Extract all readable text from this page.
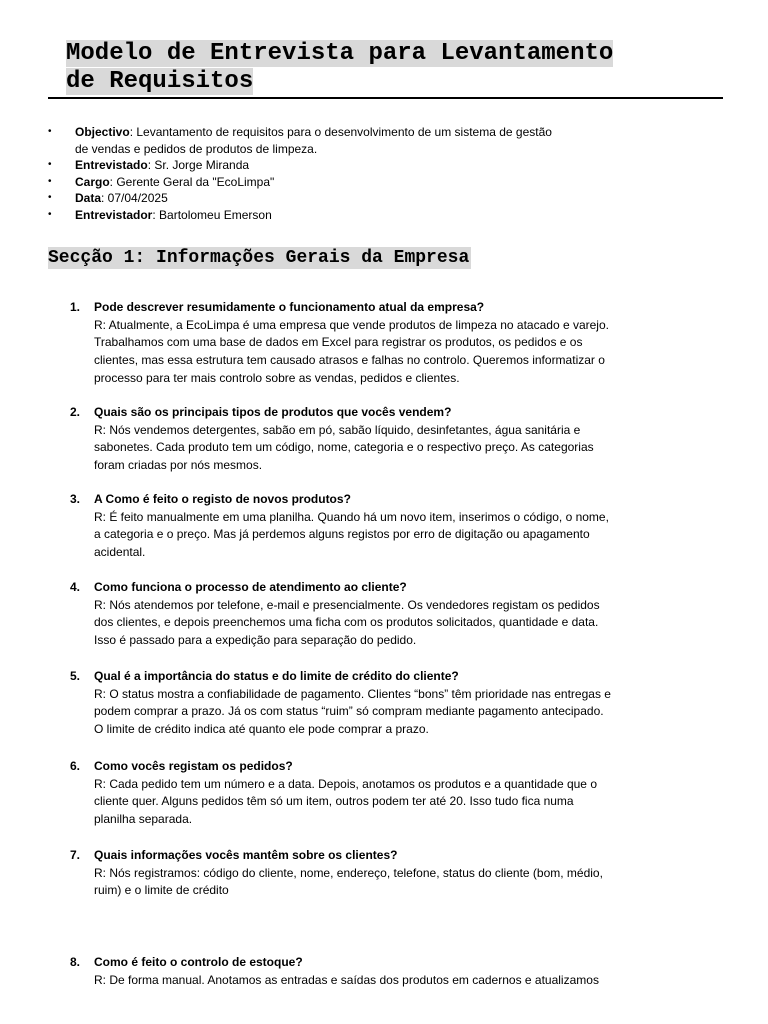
Modelo de Entrevista para Levantamento
de Requisitos
• Objectivo: Levantamento de requisitos para o desenvolvimento de um sistema de gestão
de vendas e pedidos de produtos de limpeza.
• Entrevistado: Sr. Jorge Miranda
• Cargo: Gerente Geral da "EcoLimpa"
• Data: 07/04/2025
• Entrevistador: Bartolomeu Emerson
Secção 1: Informações Gerais da Empresa
1. Pode descrever resumidamente o funcionamento atual da empresa?
R: Atualmente, a EcoLimpa é uma empresa que vende produtos de limpeza no atacado e varejo.
Trabalhamos com uma base de dados em Excel para registrar os produtos, os pedidos e os
clientes, mas essa estrutura tem causado atrasos e falhas no controlo. Queremos informatizar o
processo para ter mais controlo sobre as vendas, pedidos e clientes.
2. Quais são os principais tipos de produtos que vocês vendem?
R: Nós vendemos detergentes, sabão em pó, sabão líquido, desinfetantes, água sanitária e
sabonetes. Cada produto tem um código, nome, categoria e o respectivo preço. As categorias
foram criadas por nós mesmos.
3. A Como é feito o registo de novos produtos?
R: É feito manualmente em uma planilha. Quando há um novo item, inserimos o código, o nome,
a categoria e o preço. Mas já perdemos alguns registos por erro de digitação ou apagamento
acidental.
4. Como funciona o processo de atendimento ao cliente?
R: Nós atendemos por telefone, e-mail e presencialmente. Os vendedores registam os pedidos
dos clientes, e depois preenchemos uma ficha com os produtos solicitados, quantidade e data.
Isso é passado para a expedição para separação do pedido.
5. Qual é a importância do status e do limite de crédito do cliente?
R: O status mostra a confiabilidade de pagamento. Clientes “bons” têm prioridade nas entregas e
podem comprar a prazo. Já os com status “ruim” só compram mediante pagamento antecipado.
O limite de crédito indica até quanto ele pode comprar a prazo.
6. Como vocês registam os pedidos?
R: Cada pedido tem um número e a data. Depois, anotamos os produtos e a quantidade que o
cliente quer. Alguns pedidos têm só um item, outros podem ter até 20. Isso tudo fica numa
planilha separada.
7. Quais informações vocês mantêm sobre os clientes?
R: Nós registramos: código do cliente, nome, endereço, telefone, status do cliente (bom, médio,
ruim) e o limite de crédito
8. Como é feito o controlo de estoque?
R: De forma manual. Anotamos as entradas e saídas dos produtos em cadernos e atualizamos
